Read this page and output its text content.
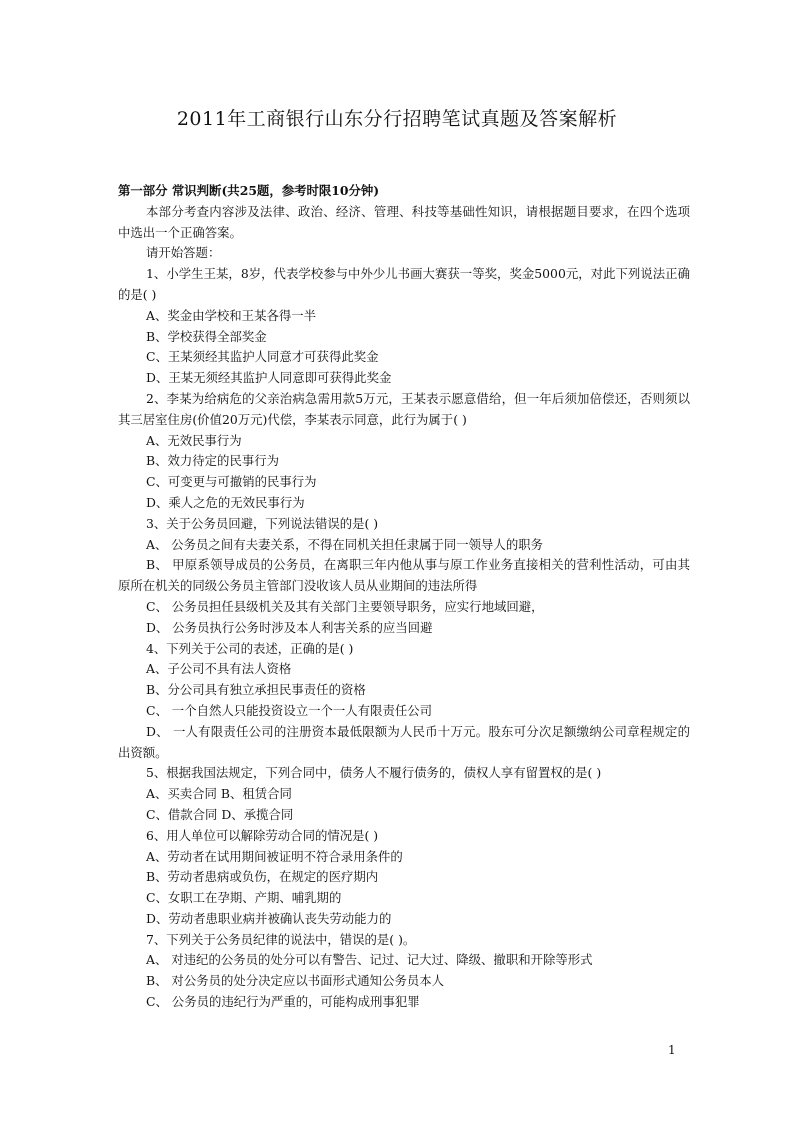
2011年工商银行山东分行招聘笔试真题及答案解析

第一部分 常识判断(共25题，参考时限10分钟)

本部分考查内容涉及法律、政治、经济、管理、科技等基础性知识，请根据题目要求，在四个选项中选出一个正确答案。

请开始答题：

1、小学生王某，8岁，代表学校参与中外少儿书画大赛获一等奖，奖金5000元，对此下列说法正确的是( )

A、奖金由学校和王某各得一半

B、学校获得全部奖金

C、王某须经其监护人同意才可获得此奖金

D、王某无须经其监护人同意即可获得此奖金

2、李某为给病危的父亲治病急需用款5万元，王某表示愿意借给，但一年后须加倍偿还，否则须以其三居室住房(价值20万元)代偿，李某表示同意，此行为属于( )

A、无效民事行为

B、效力待定的民事行为

C、可变更与可撤销的民事行为

D、乘人之危的无效民事行为

3、关于公务员回避，下列说法错误的是( )

A、 公务员之间有夫妻关系，不得在同机关担任隶属于同一领导人的职务

B、 甲原系领导成员的公务员，在离职三年内他从事与原工作业务直接相关的营利性活动，可由其原所在机关的同级公务员主管部门没收该人员从业期间的违法所得

C、 公务员担任县级机关及其有关部门主要领导职务，应实行地域回避，

D、 公务员执行公务时涉及本人利害关系的应当回避

4、下列关于公司的表述，正确的是( )

A、子公司不具有法人资格

B、分公司具有独立承担民事责任的资格

C、 一个自然人只能投资设立一个一人有限责任公司

D、 一人有限责任公司的注册资本最低限额为人民币十万元。股东可分次足额缴纳公司章程规定的出资额。

5、根据我国法规定，下列合同中，债务人不履行债务的，债权人享有留置权的是( )

A、买卖合同 B、租赁合同

C、借款合同 D、承揽合同

6、用人单位可以解除劳动合同的情况是( )

A、劳动者在试用期间被证明不符合录用条件的

B、劳动者患病或负伤，在规定的医疗期内

C、女职工在孕期、产期、哺乳期的

D、劳动者患职业病并被确认丧失劳动能力的

7、下列关于公务员纪律的说法中，错误的是( )。

A、 对违纪的公务员的处分可以有警告、记过、记大过、降级、撤职和开除等形式

B、 对公务员的处分决定应以书面形式通知公务员本人

C、 公务员的违纪行为严重的，可能构成刑事犯罪

1
